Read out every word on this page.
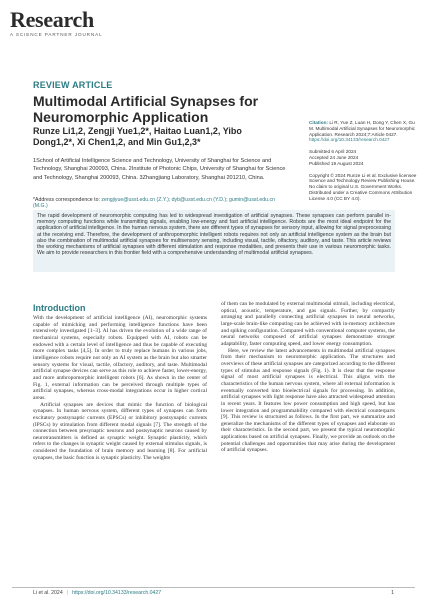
Research
A SCIENCE PARTNER JOURNAL
REVIEW ARTICLE
Multimodal Artificial Synapses for Neuromorphic Application
Runze Li1,2, Zengji Yue1,2*, Haitao Luan1,2, Yibo Dong1,2*, Xi Chen1,2, and Min Gu1,2,3*
1School of Artificial Intelligence Science and Technology, University of Shanghai for Science and Technology, Shanghai 200093, China. 2Institute of Photonic Chips, University of Shanghai for Science and Technology, Shanghai 200093, China. 3Zhangjiang Laboratory, Shanghai 201210, China.
*Address correspondence to: zengjiyue@usst.edu.cn (Z.Y.); dyb@usst.edu.cn (Y.D.); gumin@usst.edu.cn (M.G.)
The rapid development of neuromorphic computing has led to widespread investigation of artificial synapses. These synapses can perform parallel in-memory computing functions while transmitting signals, enabling low-energy and fast artificial intelligence. Robots are the most ideal endpoint for the application of artificial intelligence. In the human nervous system, there are different types of synapses for sensory input, allowing for signal preprocessing at the receiving end. Therefore, the development of anthropomorphic intelligent robots requires not only an artificial intelligence system as the brain but also the combination of multimodal artificial synapses for multisensory sensing, including visual, tactile, olfactory, auditory, and taste. This article reviews the working mechanisms of artificial synapses with different stimulation and response modalities, and presents their use in various neuromorphic tasks. We aim to provide researchers in this frontier field with a comprehensive understanding of multimodal artificial synapses.
Citation: Li R, Yue Z, Luan H, Dong Y, Chen X, Gu M. Multimodal Artificial Synapses for Neuromorphic Application. Research 2024;7:Article 0427. https://doi.org/10.34133/research.0427
Submitted 6 April 2024
Accepted 24 June 2024
Published 19 August 2024
Copyright © 2024 Runze Li et al. Exclusive licensee Science and Technology Review Publishing House. No claim to original U.S. Government Works. Distributed under a Creative Commons Attribution License 4.0 (CC BY 4.0).
Introduction

With the development of artificial intelligence (AI), neuromorphic systems capable of mimicking and performing intelligence functions have been extensively investigated [1–3]. AI has driven the evolution of a wide range of mechanical systems, especially robots. Equipped with AI, robots can be endowed with a certain level of intelligence and thus be capable of executing more complex tasks [4,5]. In order to truly replace humans in various jobs, intelligence robots require not only an AI system as the brain but also smarter sensory systems for visual, tactile, olfactory, auditory, and taste. Multimodal artificial synapse devices can serve as this role to achieve faster, lower-energy, and more anthropomorphic intelligent robots [6]. As shown in the center of Fig. 1, external information can be perceived through multiple types of artificial synapses, whereas cross-modal integrations occur in higher cortical areas.

Artificial synapses are devices that mimic the function of biological synapses. In human nervous system, different types of synapses can form excitatory postsynaptic currents (EPSCs) or inhibitory postsynaptic currents (IPSCs) by stimulation from different modal signals [7]. The strength of the connection between presynaptic neurons and postsynaptic neurons caused by neurotransmitters is defined as synaptic weight. Synaptic plasticity, which refers to the changes in synaptic weight caused by external stimulus signals, is considered the foundation of brain memory and learning [8]. For artificial synapses, the basic function is synaptic plasticity. The weights

of them can be modulated by external multimodal stimuli, including electrical, optical, acoustic, temperature, and gas signals. Further, by compactly arranging and parallelly connecting artificial synapses in neural networks, large-scale brain-like computing can be achieved with in-memory architecture and spiking configuration. Compared with conventional computer systems, the neural networks composed of artificial synapses demonstrate stronger adaptability, faster computing speed, and lower energy consumption.

Here, we review the latest advancements in multimodal artificial synapses from their mechanism to neuromorphic application. The structures and overviews of these artificial synapses are categorized according to the different types of stimulus and response signals (Fig. 1). It is clear that the response signal of most artificial synapses is electrical. This aligns with the characteristics of the human nervous system, where all external information is eventually converted into bioelectrical signals for processing. In addition, artificial synapses with light response have also attracted widespread attention in recent years. It features low power consumption and high speed, but has lower integration and programmability compared with electrical counterparts [9]. This review is structured as follows. In the first part, we summarize and generalize the mechanisms of the different types of synapses and elaborate on their characteristics. In the second part, we present the typical neuromorphic applications based on artificial synapses. Finally, we provide an outlook on the potential challenges and opportunities that may arise during the development of artificial synapses.

Li et al. 2024 | https://doi.org/10.34133/research.0427	1
